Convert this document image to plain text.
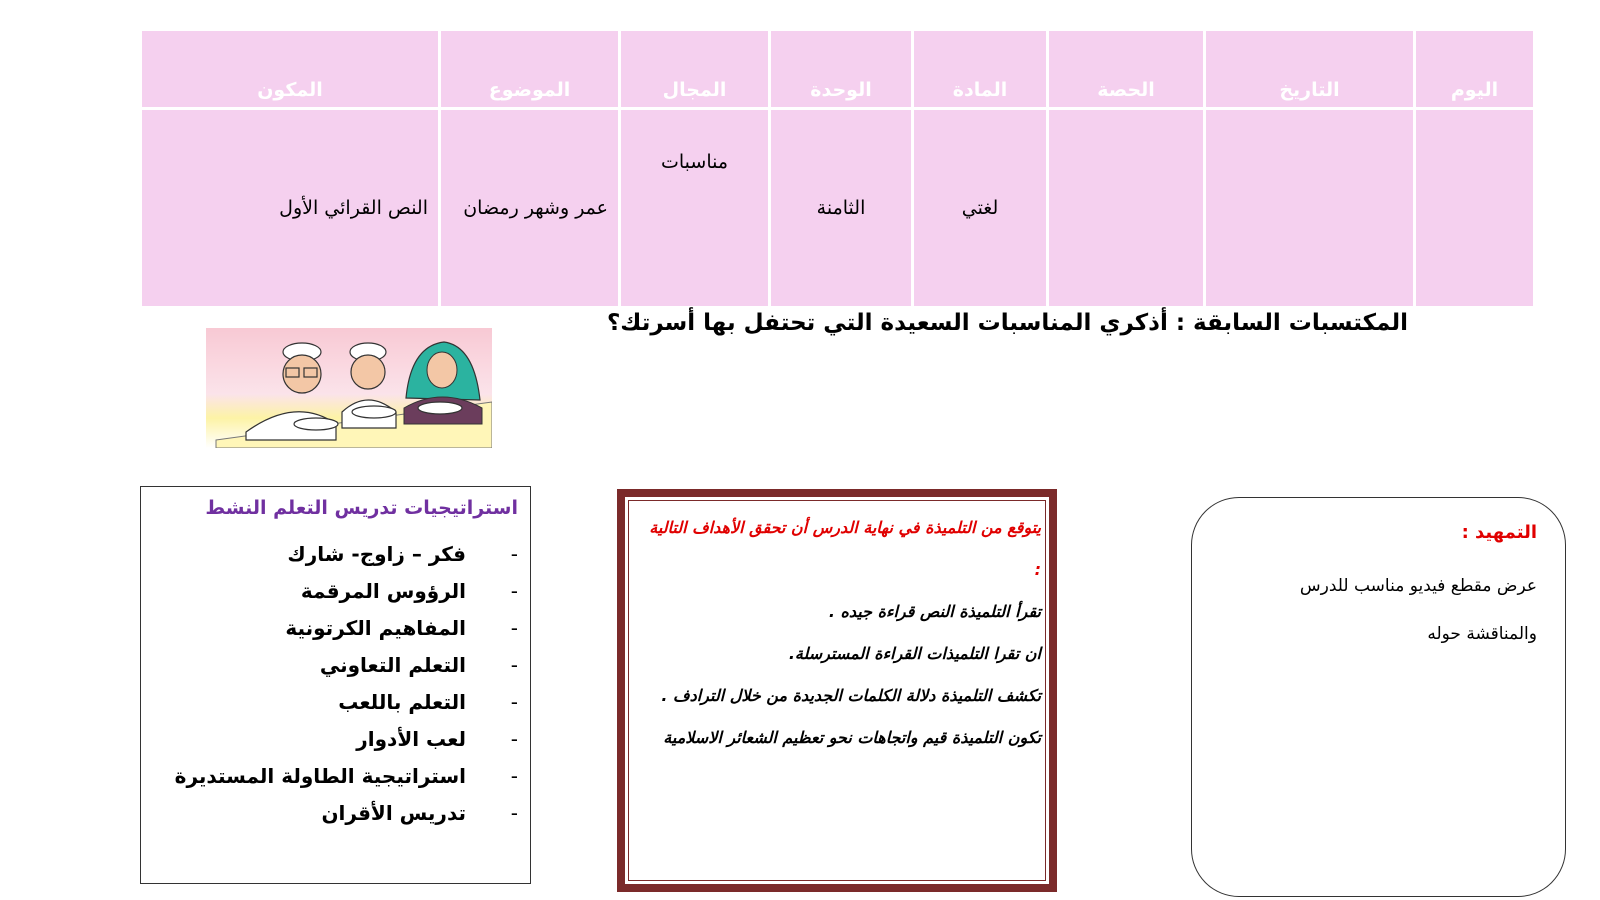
اليوم	التاريخ	الحصة	المادة	الوحدة	المجال	الموضوع	المكون
			لغتي	الثامنة	مناسبات	عمر وشهر رمضان	النص القرائي الأول
المكتسبات السابقة : أذكري المناسبات السعيدة التي تحتفل بها أسرتك؟
استراتيجيات تدريس التعلم النشط
-
فكر – زاوج- شارك
-
الرؤوس المرقمة
-
المفاهيم الكرتونية
-
التعلم التعاوني
-
التعلم باللعب
-
لعب الأدوار
-
استراتيجية الطاولة المستديرة
-
تدريس الأقران

يتوقع من التلميذة في نهاية الدرس أن تحقق الأهداف التالية :

تقرأ التلميذة النص قراءة جيده .

ان تقرا التلميذات القراءة المسترسلة.

تكشف التلميذة دلالة الكلمات الجديدة من خلال الترادف .

تكون التلميذة قيم واتجاهات نحو تعظيم الشعائر الاسلامية

التمهيد :
عرض مقطع فيديو مناسب للدرس والمناقشة حوله
